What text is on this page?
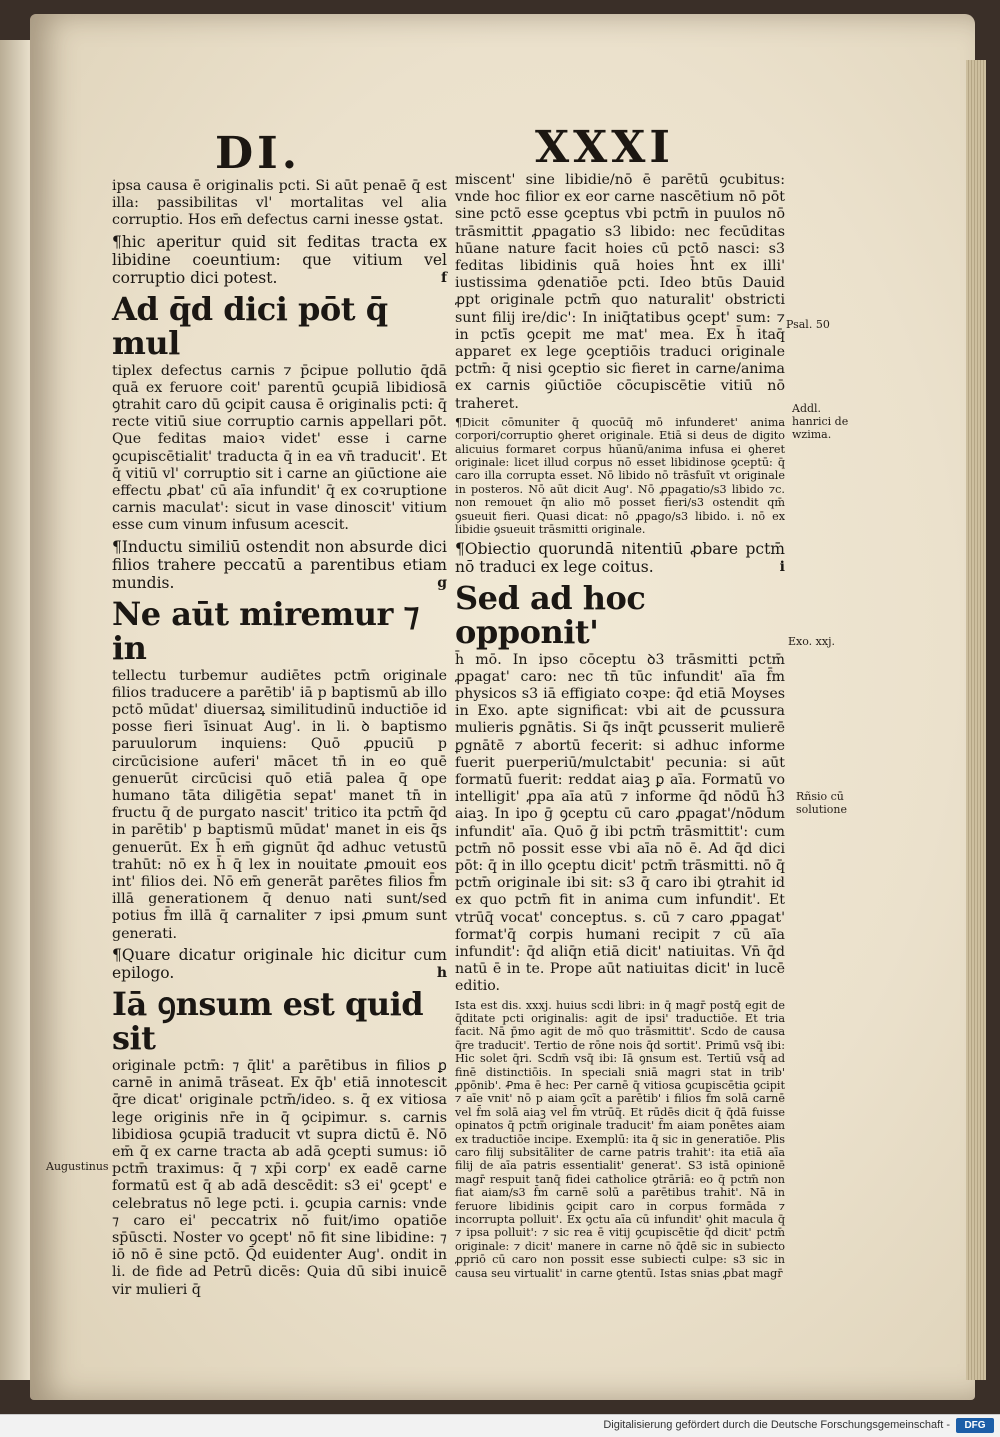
DI.	XXXI
ipsa causa ē originalis pcti. Si aūt penaē q̄ est illa: passibilitas vl' mortalitas vel alia corruptio. Hos em̄ defectus carni inesse ꝯstat.
¶hic aperitur quid sit feditas tracta ex libidine coeuntium: que vitium vel corruptio dici potest.	f
Ad q̄d dici pōt q̄ mul
tiplex defectus carnis ⁊ p̄cipue pollutio q̄dā quā ex feruore coit' parentū ꝯcupiā libidiosā ꝯtrahit caro dū ꝯcipit causa ē originalis pcti: q̄ recte vitiū siue corruptio carnis appellari pōt. Que feditas maioꝛ videt' esse i carne ꝯcupiscētialit' traducta q̄ in ea vn̄ traducit'. Et q̄ vitiū vl' corruptio sit i carne an ꝯiūctione aie effectu ꝓbat' cū aīa infundit' q̄ ex coꝛruptione carnis maculat': sicut in vase dinoscit' vitium esse cum vinum infusum acescit.
¶Inductu similiū ostendit non absurde dici filios trahere peccatū a parentibus etiam mundis.	g
Ne aūt miremur ⁊ in
tellectu turbemur audiētes pctm̄ originale filios traducere a parētib' iā p baptismū ab illo pctō mūdat' diuersaꝝ similitudinū inductiōe id posse fieri īsinuat Aug'. in li. ꝺ baptismo paruulorum inquiens: Quō ꝓpuciū p circūcisione auferi' mācet tn̄ in eo quē genuerūt circūcisi quō etiā palea q̄ ope humano tāta diligētia sepat' manet tn̄ in fructu q̄ de purgato nascit' tritico ita pctm̄ q̄d in parētib' p baptismū mūdat' manet in eis q̄s genuerūt. Ex h̄ em̄ gignūt q̄d adhuc vetustū trahūt: nō ex h̄ q̄ lex in nouitate ꝓmouit eos int' filios dei. Nō em̄ generāt parētes filios f̄m illā generationem q̄ denuo nati sunt/sed potius f̄m illā q̄ carnaliter ⁊ ipsi ꝓmum sunt generati.
¶Quare dicatur originale hic dicitur cum epilogo.	h
Iā ꝯnsum est quid sit
originale pctm̄: ⁊ q̄lit' a parētibus in filios ꝑ carnē in animā trāseat. Ex q̄b' etiā innotescit q̄re dicat' originale pctm̄/ideo. s. q̄ ex vitiosa lege originis nr̄e in q̄ ꝯcipimur. s. carnis libidiosa ꝯcupiā traducit vt supra dictū ē. Nō em̄ q̄ ex carne tracta ab adā ꝯcepti sumus: iō pctm̄ traximus: q̄ ⁊ xp̄i corp' ex eadē carne formatū est q̄ ab adā descēdit: s3 ei' ꝯcept' e celebratus nō lege pcti. i. ꝯcupia carnis: vnde ⁊ caro ei' peccatrix nō fuit/imo opatiōe sp̄ūscti. Noster vo ꝯcept' nō fit sine libidine: ⁊ iō nō ē sine pctō. Q̄d euidenter Aug'. ondit in li. de fide ad Petrū dicēs: Quia dū sibi inuicē vir mulieri q̄
miscent' sine libidie/nō ē parētū ꝯcubitus: vnde hoc filior ex eor carne nascētium nō pōt sine pctō esse ꝯceptus vbi pctm̄ in puulos nō trāsmittit ꝓpagatio s3 libido: nec fecūditas hūane nature facit hoies cū pctō nasci: s3 feditas libidinis quā hoies h̄nt ex illi' iustissima ꝯdenatiōe pcti. Ideo btūs Dauid ꝓpt originale pctm̄ quo naturalit' obstricti sunt filij ire/dic': In iniq̄tatibus ꝯcept' sum: ⁊ in pctīs ꝯcepit me mat' mea. Ex h̄ itaq̄ apparet ex lege ꝯceptiōis traduci originale pctm̄: q̄ nisi ꝯceptio sic fieret in carne/anima ex carnis ꝯiūctiōe cōcupiscētie vitiū nō traheret.
¶Dicit cōmuniter q̄ quocūq̄ mō infunderet' anima corpori/corruptio ꝯheret originale. Etiā si deus de digito alicuius formaret corpus hūanū/anima infusa ei ꝯheret originale: licet illud corpus nō esset libidinose ꝯceptū: q̄ caro illa corrupta esset. Nō libido nō trāsfuīt vt originale in posteros. Nō aūt dicit Aug'. Nō ꝓpagatio/s3 libido ⁊c. non remouet q̄n alio mō posset fieri/s3 ostendit qm̄ ꝯsueuit fieri. Quasi dicat: nō ꝓpago/s3 libido. i. nō ex libidie ꝯsueuit trāsmitti originale.
¶Obiectio quorundā nitentiū ꝓbare pctm̄ nō traduci ex lege coitus.	i
Sed ad hoc opponit'
h̄ mō. In ipso cōceptu ꝺ3 trāsmitti pctm̄ ꝓpagat' caro: nec tn̄ tūc infundit' aīa f̄m physicos s3 iā effigiato coꝛpe: q̄d etiā Moyses in Exo. apte significat: vbi ait de ꝑcussura mulieris ꝑgnātis. Si q̄s inq̄t ꝑcusserit mulierē ꝑgnātē ⁊ abortū fecerit: si adhuc informe fuerit puerperiū/mulctabit' pecunia: si aūt formatū fuerit: reddat aiaꝫ ꝑ aīa. Formatū vo intelligit' ꝓpa aīa atū ⁊ informe q̄d nōdū h̄3 aiaꝫ. In ipo ḡ ꝯceptu cū caro ꝓpagat'/nōdum infundit' aīa. Quō ḡ ibi pctm̄ trāsmittit': cum pctm̄ nō possit esse vbi aīa nō ē. Ad q̄d dici pōt: q̄ in illo ꝯceptu dicit' pctm̄ trāsmitti. nō q̄ pctm̄ originale ibi sit: s3 q̄ caro ibi ꝯtrahit id ex quo pctm̄ fit in anima cum infundit'. Et vtrūq̄ vocat' conceptus. s. cū ⁊ caro ꝓpagat' format'q̄ corpis humani recipit ⁊ cū aīa infundit': q̄d aliq̄n etiā dicit' natiuitas. Vn̄ q̄d natū ē in te. Prope aūt natiuitas dicit' in lucē editio.
Ista est dis. xxxj. huius scdi libri: in q̄ magr̄ postq̄ egit de q̄ditate pcti originalis: agit de ipsi' traductiōe. Et tria facit. Nā p̄mo agit de mō quo trāsmittit'. Scdo de causa q̄re traducit'. Tertio de rōne nois q̄d sortit'. Primū vsq̄ ibi: Hic solet q̄ri. Scdm̄ vsq̄ ibi: Iā ꝯnsum est. Tertiū vsq̄ ad finē distinctiōis. In speciali sniā magri stat in trib' ꝓpōnib'. Ꝓma ē hec: Per carnē q̄ vitiosa ꝯcupiscētia ꝯcipit ⁊ aīe vnit' nō p aiam ꝯcīt a parētib' i filios f̄m solā carnē vel f̄m solā aiaꝫ vel f̄m vtrūq̄. Et rūdēs dicit q̄ q̄dā fuisse opinatos q̄ pctm̄ originale traducit' f̄m aiam ponētes aiam ex traductiōe incipe. Exemplū: ita q̄ sic in generatiōe. Plis caro filij subsitāliter de carne patris trahit': ita etiā aīa filij de aīa patris essentialit' generat'. S3 istā opinionē magr̄ respuit tanq̄ fidei catholice ꝯtrāriā: eo q̄ pctm̄ non fiat aiam/s3 f̄m carnē solū a parētibus trahit'. Nā in feruore libidinis ꝯcipit caro in corpus formāda ⁊ incorrupta polluit'. Ex ꝯctu aīa cū infundit' ꝯhit macula q̄ ⁊ ipsa polluit': ⁊ sic rea ē vitij ꝯcupiscētie q̄d dicit' pctm̄ originale: ⁊ dicit' manere in carne nō q̄dē sic in subiecto ꝓpriō cū caro non possit esse subiecti culpe: s3 sic in causa seu virtualit' in carne ꝯtentū. Istas snias ꝓbat magr̄
Psal. 50
Addl. hanrici de wzima.
Exo. xxj.
Rñsio cū solutione
Augustinus
Digitalisierung gefördert durch die Deutsche Forschungsgemeinschaft -	DFG
